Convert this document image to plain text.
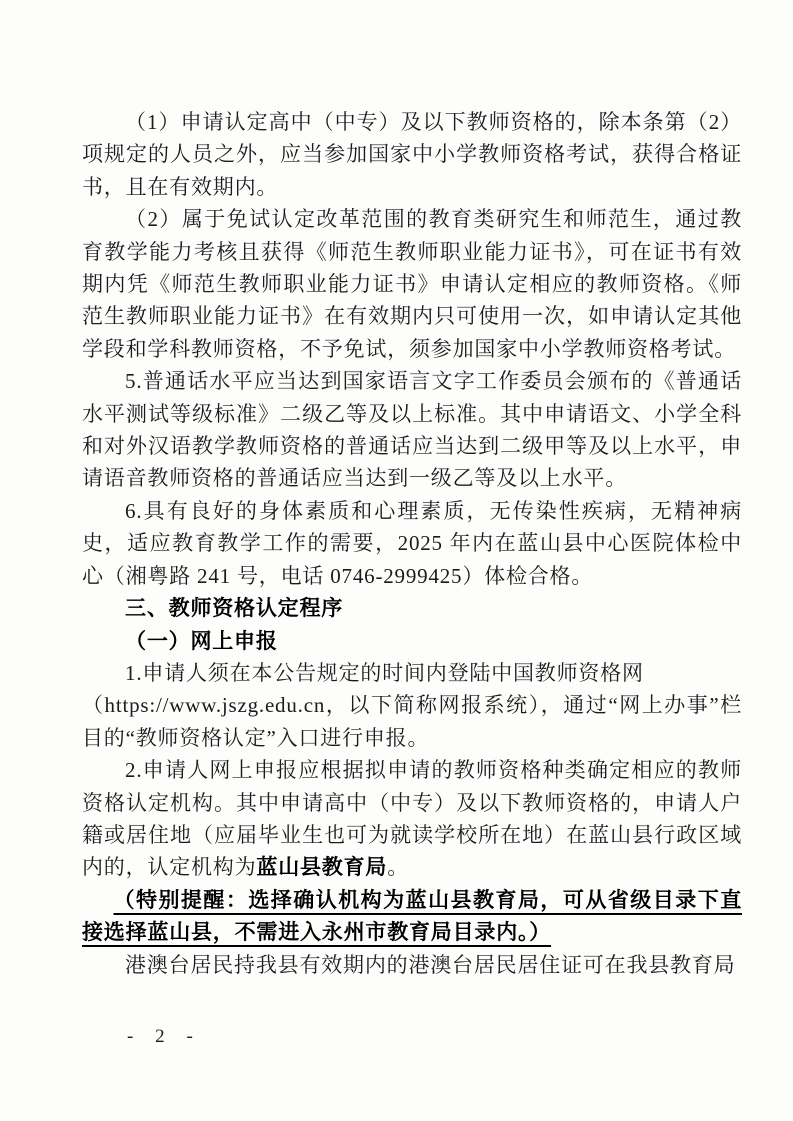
（1）申请认定高中（中专）及以下教师资格的，除本条第（2）项规定的人员之外，应当参加国家中小学教师资格考试，获得合格证书，且在有效期内。

（2）属于免试认定改革范围的教育类研究生和师范生，通过教育教学能力考核且获得《师范生教师职业能力证书》，可在证书有效期内凭《师范生教师职业能力证书》申请认定相应的教师资格。《师范生教师职业能力证书》在有效期内只可使用一次，如申请认定其他学段和学科教师资格，不予免试，须参加国家中小学教师资格考试。

5.普通话水平应当达到国家语言文字工作委员会颁布的《普通话水平测试等级标准》二级乙等及以上标准。其中申请语文、小学全科和对外汉语教学教师资格的普通话应当达到二级甲等及以上水平，申请语音教师资格的普通话应当达到一级乙等及以上水平。

6.具有良好的身体素质和心理素质，无传染性疾病，无精神病史，适应教育教学工作的需要，2025 年内在蓝山县中心医院体检中心（湘粤路 241 号，电话 0746-2999425）体检合格。

三、教师资格认定程序

（一）网上申报

1.申请人须在本公告规定的时间内登陆中国教师资格网
（https://www.jszg.edu.cn，以下简称网报系统），通过“网上办事”栏目的“教师资格认定”入口进行申报。

2.申请人网上申报应根据拟申请的教师资格种类确定相应的教师资格认定机构。其中申请高中（中专）及以下教师资格的，申请人户籍或居住地（应届毕业生也可为就读学校所在地）在蓝山县行政区域内的，认定机构为蓝山县教育局。

（特别提醒：选择确认机构为蓝山县教育局，可从省级目录下直接选择蓝山县，不需进入永州市教育局目录内。）

港澳台居民持我县有效期内的港澳台居民居住证可在我县教育局

- 2 -
